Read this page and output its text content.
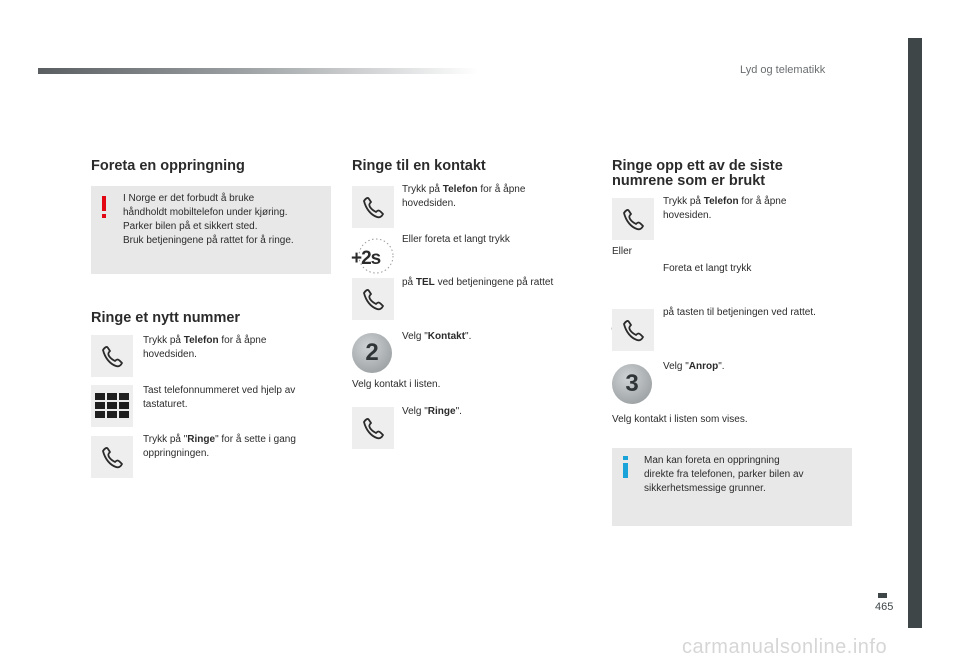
Lyd og telematikk
465
Foreta en oppringning
I Norge er det forbudt å bruke
håndholdt mobiltelefon under kjøring.
Parker bilen på et sikkert sted.
Bruk betjeningene på rattet for å ringe.
Ringe et nytt nummer
Trykk på Telefon for å åpne
hovedsiden.
Tast telefonnummeret ved hjelp av
tastaturet.
Trykk på "Ringe" for å sette i gang
oppringningen.
Ringe til en kontakt
Trykk på Telefon for å åpne
hovedsiden.
+2s
Eller foreta et langt trykk
på TEL ved betjeningene på rattet
2
Velg "Kontakt".
Velg kontakt i listen.
Velg "Ringe".
Ringe opp ett av de siste
numrene som er brukt
Trykk på Telefon for å åpne
hovesiden.
Eller
Foreta et langt trykk
på tasten til betjeningen ved rattet.
3
Velg "Anrop".
Velg kontakt i listen som vises.
Man kan foreta en oppringning
direkte fra telefonen, parker bilen av
sikkerhetsmessige grunner.
carmanualsonline.info
